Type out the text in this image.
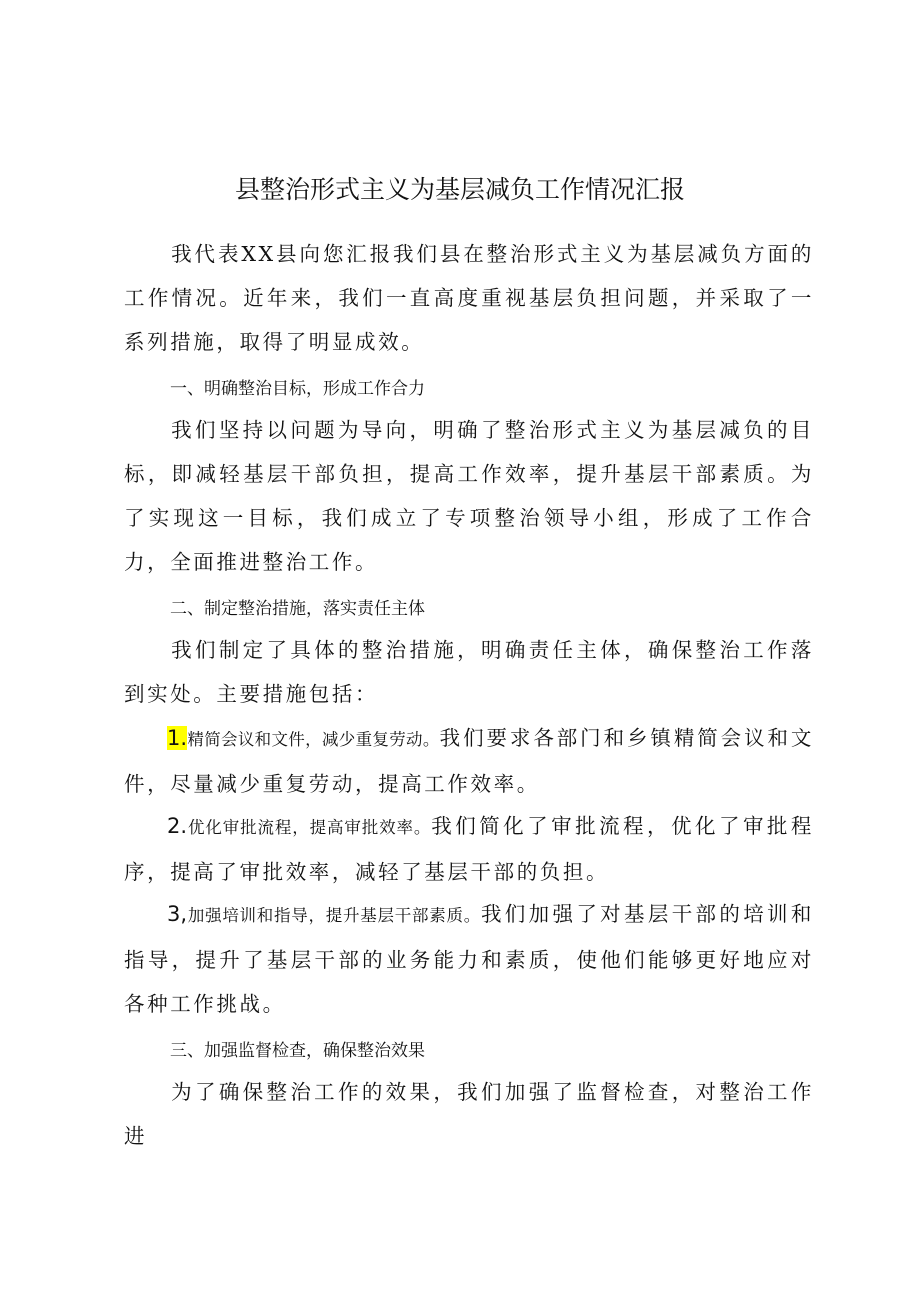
县整治形式主义为基层减负工作情况汇报

我代表XX县向您汇报我们县在整治形式主义为基层减负方面的工作情况。近年来，我们一直高度重视基层负担问题，并采取了一系列措施，取得了明显成效。

一、明确整治目标，形成工作合力

我们坚持以问题为导向，明确了整治形式主义为基层减负的目标，即减轻基层干部负担，提高工作效率，提升基层干部素质。为了实现这一目标，我们成立了专项整治领导小组，形成了工作合力，全面推进整治工作。

二、制定整治措施，落实责任主体

我们制定了具体的整治措施，明确责任主体，确保整治工作落到实处。主要措施包括：

1.精简会议和文件，减少重复劳动。我们要求各部门和乡镇精简会议和文件，尽量减少重复劳动，提高工作效率。

2.优化审批流程，提高审批效率。我们简化了审批流程，优化了审批程序，提高了审批效率，减轻了基层干部的负担。

3,加强培训和指导，提升基层干部素质。我们加强了对基层干部的培训和指导，提升了基层干部的业务能力和素质，使他们能够更好地应对各种工作挑战。

三、加强监督检查，确保整治效果

为了确保整治工作的效果，我们加强了监督检查，对整治工作进
